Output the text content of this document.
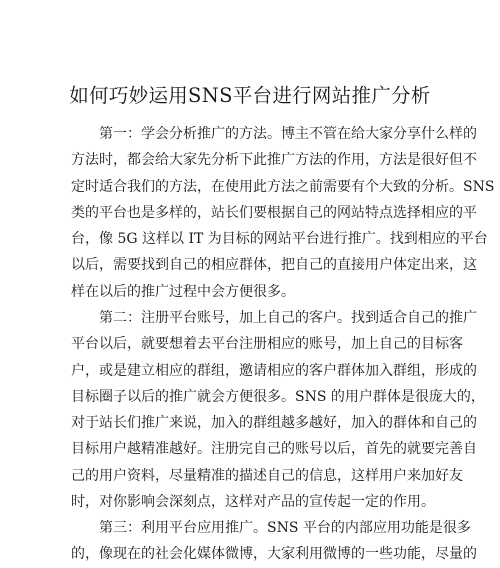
如何巧妙运用SNS平台进行网站推广分析
第一：学会分析推广的方法。博主不管在给大家分享什么样的
方法时，都会给大家先分析下此推广方法的作用，方法是很好但不
定时适合我们的方法，在使用此方法之前需要有个大致的分析。SNS
类的平台也是多样的，站长们要根据自己的网站特点选择相应的平
台，像 5G 这样以 IT 为目标的网站平台进行推广。找到相应的平台
以后，需要找到自己的相应群体，把自己的直接用户体定出来，这
样在以后的推广过程中会方便很多。
第二：注册平台账号，加上自己的客户。找到适合自己的推广
平台以后，就要想着去平台注册相应的账号，加上自己的目标客
户，或是建立相应的群组，邀请相应的客户群体加入群组，形成的
目标圈子以后的推广就会方便很多。SNS 的用户群体是很庞大的，
对于站长们推广来说，加入的群组越多越好，加入的群体和自己的
目标用户越精准越好。注册完自己的账号以后，首先的就要完善自
己的用户资料，尽量精准的描述自己的信息，这样用户来加好友
时，对你影响会深刻点，这样对产品的宣传起一定的作用。
第三：利用平台应用推广。SNS 平台的内部应用功能是很多
的，像现在的社会化媒体微博，大家利用微博的一些功能，尽量的
